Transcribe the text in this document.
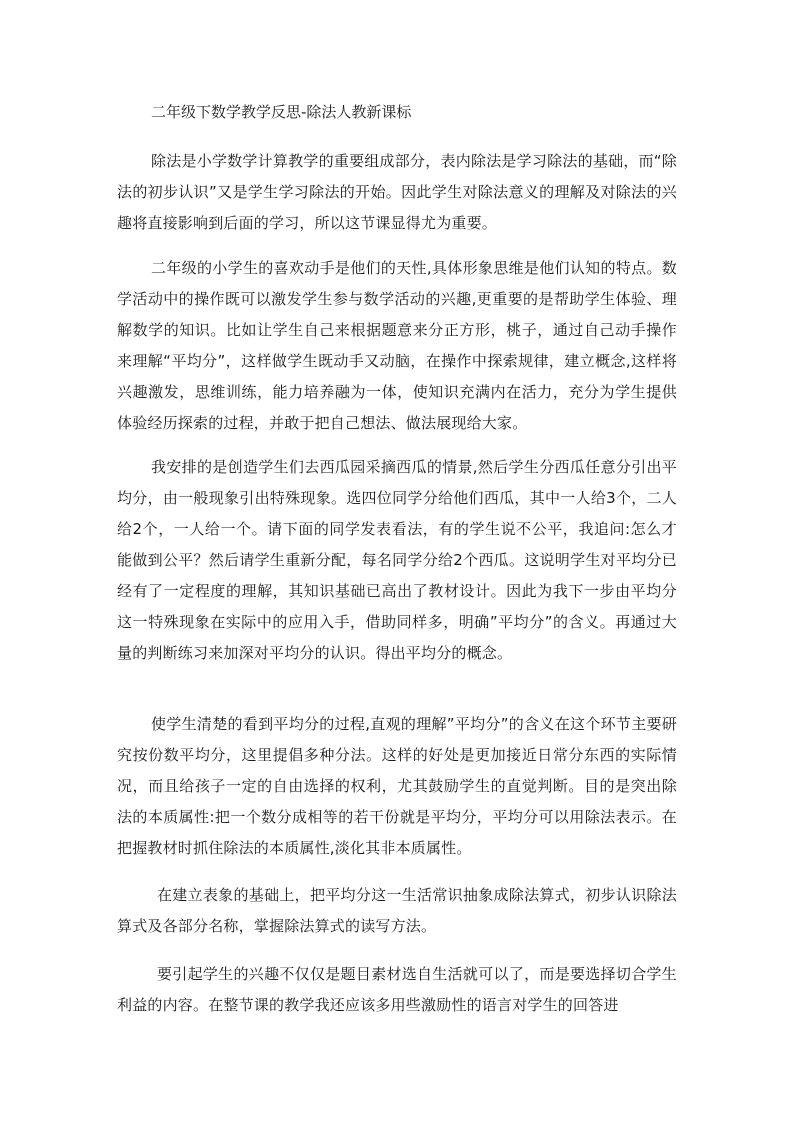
二年级下数学教学反思-除法人教新课标

除法是小学数学计算教学的重要组成部分，表内除法是学习除法的基础，而“除法的初步认识”又是学生学习除法的开始。因此学生对除法意义的理解及对除法的兴趣将直接影响到后面的学习，所以这节课显得尤为重要。

二年级的小学生的喜欢动手是他们的天性,具体形象思维是他们认知的特点。数学活动中的操作既可以激发学生参与数学活动的兴趣,更重要的是帮助学生体验、理解数学的知识。比如让学生自己来根据题意来分正方形，桃子，通过自己动手操作来理解“平均分”，这样做学生既动手又动脑，在操作中探索规律，建立概念,这样将兴趣激发，思维训练，能力培养融为一体，使知识充满内在活力，充分为学生提供体验经历探索的过程，并敢于把自己想法、做法展现给大家。

我安排的是创造学生们去西瓜园采摘西瓜的情景,然后学生分西瓜任意分引出平均分，由一般现象引出特殊现象。选四位同学分给他们西瓜，其中一人给3个，二人给2个，一人给一个。请下面的同学发表看法，有的学生说不公平，我追问:怎么才能做到公平？然后请学生重新分配，每名同学分给2个西瓜。这说明学生对平均分已经有了一定程度的理解，其知识基础已高出了教材设计。因此为我下一步由平均分这一特殊现象在实际中的应用入手，借助同样多，明确”平均分”的含义。再通过大量的判断练习来加深对平均分的认识。得出平均分的概念。

使学生清楚的看到平均分的过程,直观的理解”平均分”的含义在这个环节主要研究按份数平均分，这里提倡多种分法。这样的好处是更加接近日常分东西的实际情况，而且给孩子一定的自由选择的权利，尤其鼓励学生的直觉判断。目的是突出除法的本质属性:把一个数分成相等的若干份就是平均分，平均分可以用除法表示。在把握教材时抓住除法的本质属性,淡化其非本质属性。

在建立表象的基础上，把平均分这一生活常识抽象成除法算式，初步认识除法算式及各部分名称，掌握除法算式的读写方法。

要引起学生的兴趣不仅仅是题目素材选自生活就可以了，而是要选择切合学生利益的内容。在整节课的教学我还应该多用些激励性的语言对学生的回答进
